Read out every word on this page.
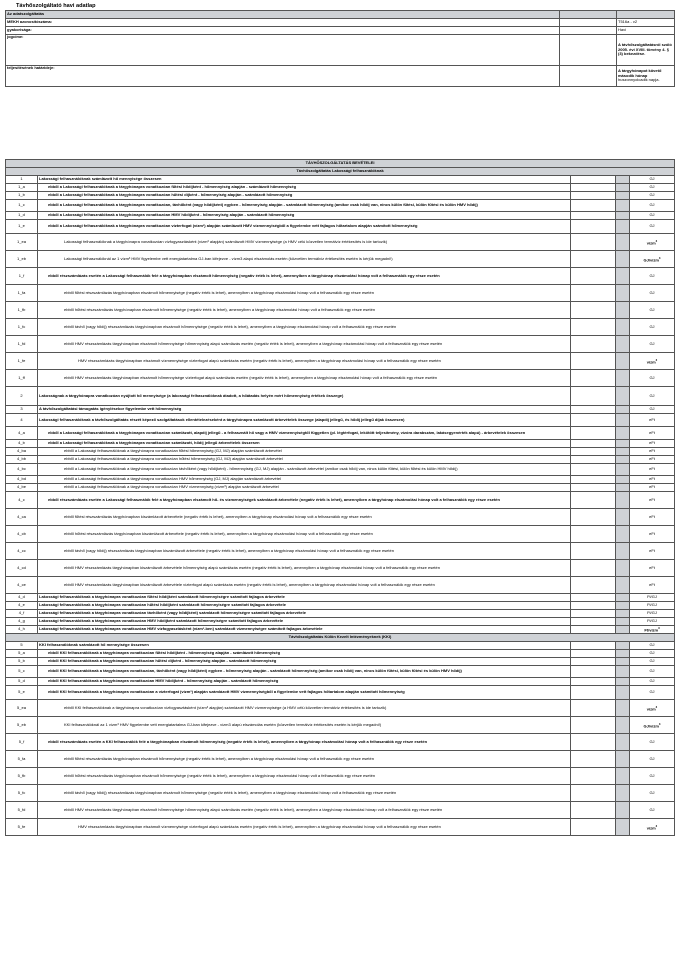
Távhőszolgáltató havi adatlap
Az adatszolgáltatás		
MEKH azonosítószáma:		T516a - v2
gyakorisága:		Havi
jogcíme:		A távhőszolgáltatásról szóló 2005. évi XVIII. törvény 4. § (3) bekezdése.
teljesítésének határideje:		A tárgyhónapot követő második hónap
huszonnyolcadik napja.
TÁVHŐSZOLGÁLTATÁS BEVÉTELEI				
Távhőszolgáltatás Lakossági felhasználóknak				
1	Lakossági felhasználóknak számlázott hő mennyisége összesen			GJ
1_a	ebből a Lakossági felhasználóknak a tárgyhónapra vonatkozóan fűtési hődíjként - hőmennyiség alapján - számlázott hőmennyiség			GJ
1_b	ebből a Lakossági felhasználóknak a tárgyhónapra vonatkozóan hűtési díjként - hőmennyiség alapján - számlázott hőmennyiség			GJ
1_c	ebből a Lakossági felhasználóknak a tárgyhónapra vonatkozóan, távhőként (vagy hődíjként) egyben - hőmennyiség alapján - számlázott hőmennyiség (amikor csak hődíj van, nincs külön fűtési, külön fűtési és külön HMV hődíj)			GJ
1_d	ebből a Lakossági felhasználóknak a tárgyhónapra vonatkozóan HMV hődíjként - hőmennyiség alapján - számlázott hőmennyiség			GJ
1_e	ebből a Lakossági felhasználóknak a tárgyhónapra vonatkozóan vízterfogat (vízm³) alapján számlázott HMV vízmennyiségből a figyelembe vett fajlagos hőtartalom alapján számított hőmennyiség			GJ
1_ea	Lakossági felhasználóknak a tárgyhónapra vonatkozóan vízfogyasztásként (vízm³ alapján) számlázott HMV vízmennyisége (a HMV célú közvetlen termálvíz értékesítés is ide tartozik)			vízm$^3$
1_eb	Lakossági felhasználóknál az 1 vízm³ HMV figyelembe vett energiatartalma GJ-ban kifejezve - vízm3 alapú elszámolás esetén (közvetlen termálvíz értékesítés esetén is kérjük megadni!)			GJ/vízm$^3$
1_f	ebből részszámlázás esetén a Lakossági felhasználók felé a tárgyhónapban elszámolt hőmennyiség (negatív érték is lehet), amennyiben a tárgyhónap elszámolási hónap volt a felhasználók egy része esetén			GJ
1_fa	ebből fűtési részszámlázás tárgyhónapban elszámolt hőmennyisége (negatív érték is lehet), amennyiben a tárgyhónap elszámolási hónap volt a felhasználók egy része esetén			GJ
1_fb	ebből hűtési részszámlázás tárgyhónapban elszámolt hőmennyisége (negatív érték is lehet), amennyiben a tárgyhónap elszámolási hónap volt a felhasználók egy része esetén			GJ
1_fc	ebből távhő (vagy hődíj) részszámlázás tárgyhónapban elszámolt hőmennyisége (negatív érték is lehet), amennyiben a tárgyhónap elszámolási hónap volt a felhasználók egy része esetén			GJ
1_fd	ebből HMV részszámlázás tárgyhónapban elszámolt hőmennyisége hőmennyiség alapú számlázás esetén (negatív érték is lehet), amennyiben a tárgyhónap elszámolási hónap volt a felhasználók egy része esetén			GJ
1_fe	HMV részszámlázás tárgyhónapban elszámolt vízmennyisége vízterfogat alapú számlázás esetén (negatív érték is lehet), amennyiben a tárgyhónap elszámolási hónap volt a felhasználók egy része esetén			vízm$^3$
1_ff	ebből HMV részszámlázás tárgyhónapban elszámolt hőmennyisége vízterfogat alapú számlázás esetén (negatív érték is lehet), amennyiben a tárgyhónap elszámolási hónap volt a felhasználók egy része esetén			GJ
2	Lakosságnak a tárgyhónapra vonatkozóan nyújtott hő mennyisége (a lakossági felhasználóknak átadott, a hőátadás helyén mért hőmennyiség értékek összege)			GJ
3	A távhőszolgáltatási támogatás igénylésekor figyelembe vett hőmennyiség			GJ
4	Lakossági felhasználóknak a távhőszolgáltatás részét képező szolgáltatások ellentételezéseként a tárgyhónapra számlázott árbevételek összege (alapdíj jellegű, és hődíj jellegű díjak összesen)			eFt
4_a	ebből a Lakossági felhasználóknak a tárgyhónapra vonatkozóan számlázott, alapdíj jellegű - a felhasznált hő vagy a HMV vízmennyiségtől független (pl. légtérfogat, lekötött teljesítmény, vízóra darabszám, lakásegyenérték alapú) - árbevételek összesen			eFt
4_b	ebből a Lakossági felhasználóknak a tárgyhónapra vonatkozóan számlázott, hődíj jellegű árbevételek összesen			eFt
4_ba	ebből a Lakossági felhasználóknak a tárgyhónapra vonatkozóan fűtési hőmennyiség (GJ, MJ) alapján számlázott árbevétel			eFt
4_bb	ebből a Lakossági felhasználóknak a tárgyhónapra vonatkozóan hűtési hőmennyiség (GJ, MJ) alapján számlázott árbevétel			eFt
4_bc	ebből a Lakossági felhasználóknak a tárgyhónapra vonatkozóan távhőként (vagy hődíjként) - hőmennyiség (GJ, MJ) alapján - számlázott árbevétel (amikor csak hődíj van, nincs külön fűtési, külön fűtési és külön HMV hődíj)			eFt
4_bd	ebből a Lakossági felhasználóknak a tárgyhónapra vonatkozóan HMV hőmennyiség (GJ, MJ) alapján számlázott árbevétel			eFt
4_be	ebből a Lakossági felhasználóknak a tárgyhónapra vonatkozóan HMV vízmennyiség (vízm³) alapján számlázott árbevétel			eFt
4_c	ebből részszámlázás esetén a Lakossági felhasználók felé a tárgyhónapban elszámolt hő- és vízmennyiségek számlázott árbevétele (negatív érték is lehet), amennyiben a tárgyhónap elszámolási hónap volt a felhasználók egy része esetén			eFt
4_ca	ebből fűtési részszámlázás tárgyhónapban kiszámlázott árbevétele (negatív érték is lehet), amennyiben a tárgyhónap elszámolási hónap volt a felhasználók egy része esetén			eFt
4_cb	ebből hűtési részszámlázás tárgyhónapban kiszámlázott árbevétele (negatív érték is lehet), amennyiben a tárgyhónap elszámolási hónap volt a felhasználók egy része esetén			eFt
4_cc	ebből távhő (vagy hődíj) részszámlázás tárgyhónapban kiszámlázott árbevétele (negatív érték is lehet), amennyiben a tárgyhónap elszámolási hónap volt a felhasználók egy része esetén			eFt
4_cd	ebből HMV részszámlázás tárgyhónapban kiszámlázott árbevétele hőmennyiség alapú számlázás esetén (negatív érték is lehet), amennyiben a tárgyhónap elszámolási hónap volt a felhasználók egy része esetén			eFt
4_ce	ebből HMV részszámlázás tárgyhónapban kiszámlázott árbevétele vízterfogat alapú számlázás esetén (negatív érték is lehet), amennyiben a tárgyhónap elszámolási hónap volt a felhasználók egy része esetén			eFt
4_d	Lakossági felhasználóknak a tárgyhónapra vonatkozóan fűtési hődíjként számlázott hőmennyiségre számított fajlagos árbevétele			Ft/GJ
4_e	Lakossági felhasználóknak a tárgyhónapra vonatkozóan hűtési hődíjként számlázott hőmennyiségre számított fajlagos árbevétele			Ft/GJ
4_f	Lakossági felhasználóknak a tárgyhónapra vonatkozóan távhőként (vagy hődíjként) számlázott hőmennyiségre számított fajlagos árbevétele			Ft/GJ
4_g	Lakossági felhasználóknak a tárgyhónapra vonatkozóan HMV hődíjként számlázott hőmennyiségre számított fajlagos árbevétele			Ft/GJ
4_h	Lakossági felhasználóknak a tárgyhónapra vonatkozóan HMV vízfogyasztásként (vízm³-ben) számlázott vízmennyiségre számított fajlagos árbevétele			Ft/vízm$^3$
Távhőszolgáltatás Külön Kezelt Intézményeknek (KKI)				
5	KKI felhasználóknak számlázott hő mennyisége összesen			GJ
5_a	ebből KKI felhasználóknak a tárgyhónapra vonatkozóan fűtési hődíjként - hőmennyiség alapján - számlázott hőmennyiség			GJ
5_b	ebből KKI felhasználóknak a tárgyhónapra vonatkozóan hűtési díjként - hőmennyiség alapján - számlázott hőmennyiség			GJ
5_c	ebből KKI felhasználóknak a tárgyhónapra vonatkozóan, távhőként (vagy hődíjként) egyben - hőmennyiség alapján - számlázott hőmennyiség (amikor csak hődíj van, nincs külön fűtési, külön fűtési és külön HMV hődíj)			GJ
5_d	ebből KKI felhasználóknak a tárgyhónapra vonatkozóan HMV hődíjként - hőmennyiség alapján - számlázott hőmennyiség			GJ
5_e	ebből KKI felhasználóknak a tárgyhónapra vonatkozóan a vízterfogat (vízm³) alapján számlázott HMV vízmennyiségből a figyelembe vett fajlagos hőtartalom alapján számított hőmennyiség			GJ
5_ea	ebből KKI felhasználóknak a tárgyhónapra vonatkozóan vízfogyasztásként (vízm³ alapján) számlázott HMV vízmennyisége (a HMV célú közvetlen termálvíz értékesítés is ide tartozik)			vízm$^3$
5_eb	KKI felhasználóknál az 1 vízm³ HMV figyelembe vett energiatartalma GJ-ban kifejezve - vízm3 alapú elszámolás esetén (közvetlen termálvíz értékesítés esetén is kérjük megadni!)			GJ/vízm$^3$
5_f	ebből részszámlázás esetén a KKI felhasználók felé a tárgyhónapban elszámolt hőmennyiség (negatív érték is lehet), amennyiben a tárgyhónap elszámolási hónap volt a felhasználók egy része esetén			GJ
5_fa	ebből fűtési részszámlázás tárgyhónapban elszámolt hőmennyisége (negatív érték is lehet), amennyiben a tárgyhónap elszámolási hónap volt a felhasználók egy része esetén			GJ
5_fb	ebből hűtési részszámlázás tárgyhónapban elszámolt hőmennyisége (negatív érték is lehet), amennyiben a tárgyhónap elszámolási hónap volt a felhasználók egy része esetén			GJ
5_fc	ebből távhő (vagy hődíj) részszámlázás tárgyhónapban elszámolt hőmennyisége (negatív érték is lehet), amennyiben a tárgyhónap elszámolási hónap volt a felhasználók egy része esetén			GJ
5_fd	ebből HMV részszámlázás tárgyhónapban elszámolt hőmennyisége hőmennyiség alapú számlázás esetén (negatív érték is lehet), amennyiben a tárgyhónap elszámolási hónap volt a felhasználók egy része esetén			GJ
5_fe	HMV részszámlázás tárgyhónapban elszámolt vízmennyisége vízterfogat alapú számlázás esetén (negatív érték is lehet), amennyiben a tárgyhónap elszámolási hónap volt a felhasználók egy része esetén			vízm$^3$
